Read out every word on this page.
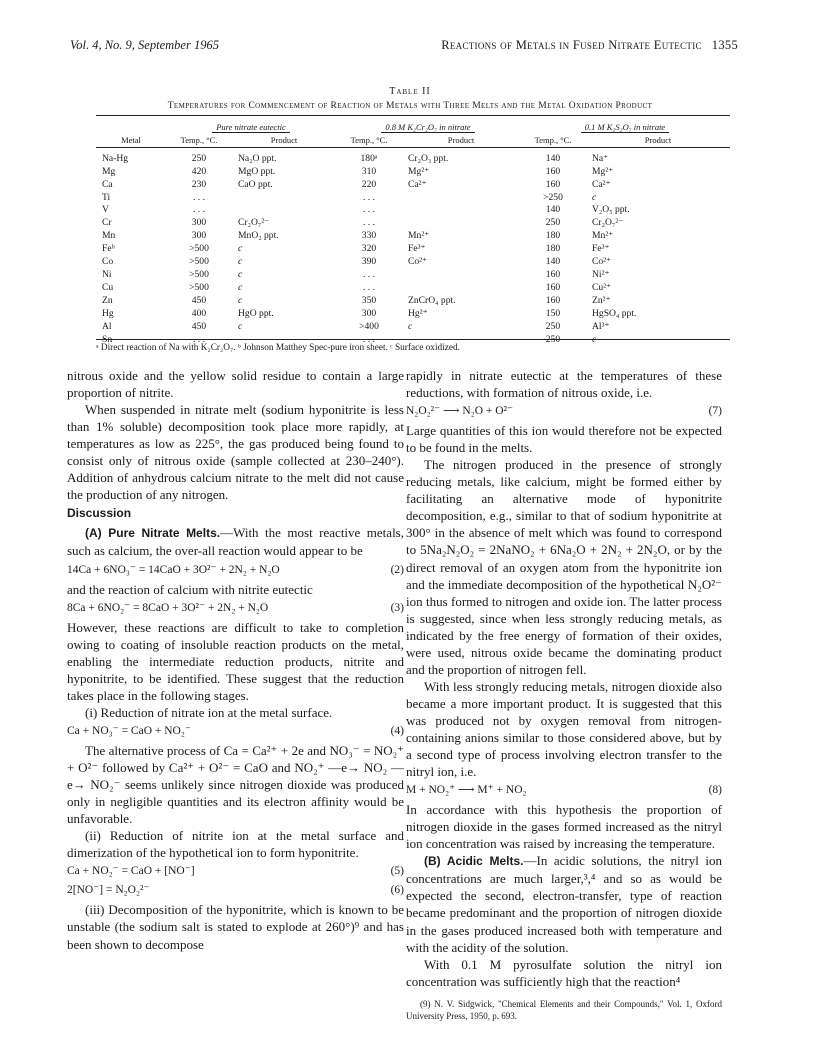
Vol. 4, No. 9, September 1965	Reactions of Metals in Fused Nitrate Eutectic 1355
Table II
Temperatures for Commencement of Reaction of Metals with Three Melts and the Metal Oxidation Product

	Pure nitrate eutectic		0.8 M K₂Cr₂O₇ in nitrate		0.1 M K₂S₂O₇ in nitrate	
Metal	Temp., °C.	Product	Temp., °C.	Product	Temp., °C.	Product

Na-Hg	250	Na₂O ppt.	180ᵃ	Cr₂O₃ ppt.	140	Na⁺
Mg	420	MgO ppt.	310	Mg²⁺	160	Mg²⁺
Ca	230	CaO ppt.	220	Ca²⁺	160	Ca²⁺
Ti	. . .		. . .		>250	c
V	. . .		. . .		140	V₂O₅ ppt.
Cr	300	Cr₂O₇²⁻	. . .		250	Cr₂O₇²⁻
Mn	300	MnO₂ ppt.	330	Mn²⁺	180	Mn²⁺
Feᵇ	>500	c	320	Fe³⁺	180	Fe³⁺
Co	>500	c	390	Co²⁺	140	Co²⁺
Ni	>500	c	. . .		160	Ni²⁺
Cu	>500	c	. . .		160	Cu²⁺
Zn	450	c	350	ZnCrO₄ ppt.	160	Zn²⁺
Hg	400	HgO ppt.	300	Hg²⁺	150	HgSO₄ ppt.
Al	450	c	>400	c	250	Al³⁺
Sn	. . .		. . .		250	c
ᵃ Direct reaction of Na with K₂Cr₂O₇. ᵇ Johnson Matthey Spec-pure iron sheet. ᶜ Surface oxidized.

nitrous oxide and the yellow solid residue to contain a large proportion of nitrite.

When suspended in nitrate melt (sodium hyponitrite is less than 1% soluble) decomposition took place more rapidly, at temperatures as low as 225°, the gas produced being found to consist only of nitrous oxide (sample collected at 230–240°). Addition of anhydrous calcium nitrate to the melt did not cause the production of any nitrogen.

Discussion

(A) Pure Nitrate Melts.—With the most reactive metals, such as calcium, the over-all reaction would appear to be

14Ca + 6NO₃⁻ = 14CaO + 3O²⁻ + 2N₂ + N₂O	(2)

and the reaction of calcium with nitrite eutectic

8Ca + 6NO₂⁻ = 8CaO + 3O²⁻ + 2N₂ + N₂O	(3)

However, these reactions are difficult to take to completion owing to coating of insoluble reaction products on the metal, enabling the intermediate reduction products, nitrite and hyponitrite, to be identified. These suggest that the reduction takes place in the following stages.

(i) Reduction of nitrate ion at the metal surface.

Ca + NO₃⁻ = CaO + NO₂⁻	(4)

The alternative process of Ca = Ca²⁺ + 2e and NO₃⁻ = NO₂⁺ + O²⁻ followed by Ca²⁺ + O²⁻ = CaO and NO₂⁺ —e→ NO₂ —e→ NO₂⁻ seems unlikely since nitrogen dioxide was produced only in negligible quantities and its electron affinity would be unfavorable.

(ii) Reduction of nitrite ion at the metal surface and dimerization of the hypothetical ion to form hyponitrite.

Ca + NO₂⁻ = CaO + [NO⁻]	(5)

2[NO⁻] = N₂O₂²⁻	(6)

(iii) Decomposition of the hyponitrite, which is known to be unstable (the sodium salt is stated to explode at 260°)⁹ and has been shown to decompose

rapidly in nitrate eutectic at the temperatures of these reductions, with formation of nitrous oxide, i.e.

N₂O₂²⁻ ⟶ N₂O + O²⁻	(7)

Large quantities of this ion would therefore not be expected to be found in the melts.

The nitrogen produced in the presence of strongly reducing metals, like calcium, might be formed either by facilitating an alternative mode of hyponitrite decomposition, e.g., similar to that of sodium hyponitrite at 300° in the absence of melt which was found to correspond to 5Na₂N₂O₂ = 2NaNO₂ + 6Na₂O + 2N₂ + 2N₂O, or by the direct removal of an oxygen atom from the hyponitrite ion and the immediate decomposition of the hypothetical N₂O²⁻ ion thus formed to nitrogen and oxide ion. The latter process is suggested, since when less strongly reducing metals, as indicated by the free energy of formation of their oxides, were used, nitrous oxide became the dominating product and the proportion of nitrogen fell.

With less strongly reducing metals, nitrogen dioxide also became a more important product. It is suggested that this was produced not by oxygen removal from nitrogen-containing anions similar to those considered above, but by a second type of process involving electron transfer to the nitryl ion, i.e.

M + NO₂⁺ ⟶ M⁺ + NO₂	(8)

In accordance with this hypothesis the proportion of nitrogen dioxide in the gases formed increased as the nitryl ion concentration was raised by increasing the temperature.

(B) Acidic Melts.—In acidic solutions, the nitryl ion concentrations are much larger,³,⁴ and so as would be expected the second, electron-transfer, type of reaction became predominant and the proportion of nitrogen dioxide in the gases produced increased both with temperature and with the acidity of the solution.

With 0.1 M pyrosulfate solution the nitryl ion concentration was sufficiently high that the reaction⁴

(9) N. V. Sidgwick, "Chemical Elements and their Compounds," Vol. 1, Oxford University Press, 1950, p. 693.
